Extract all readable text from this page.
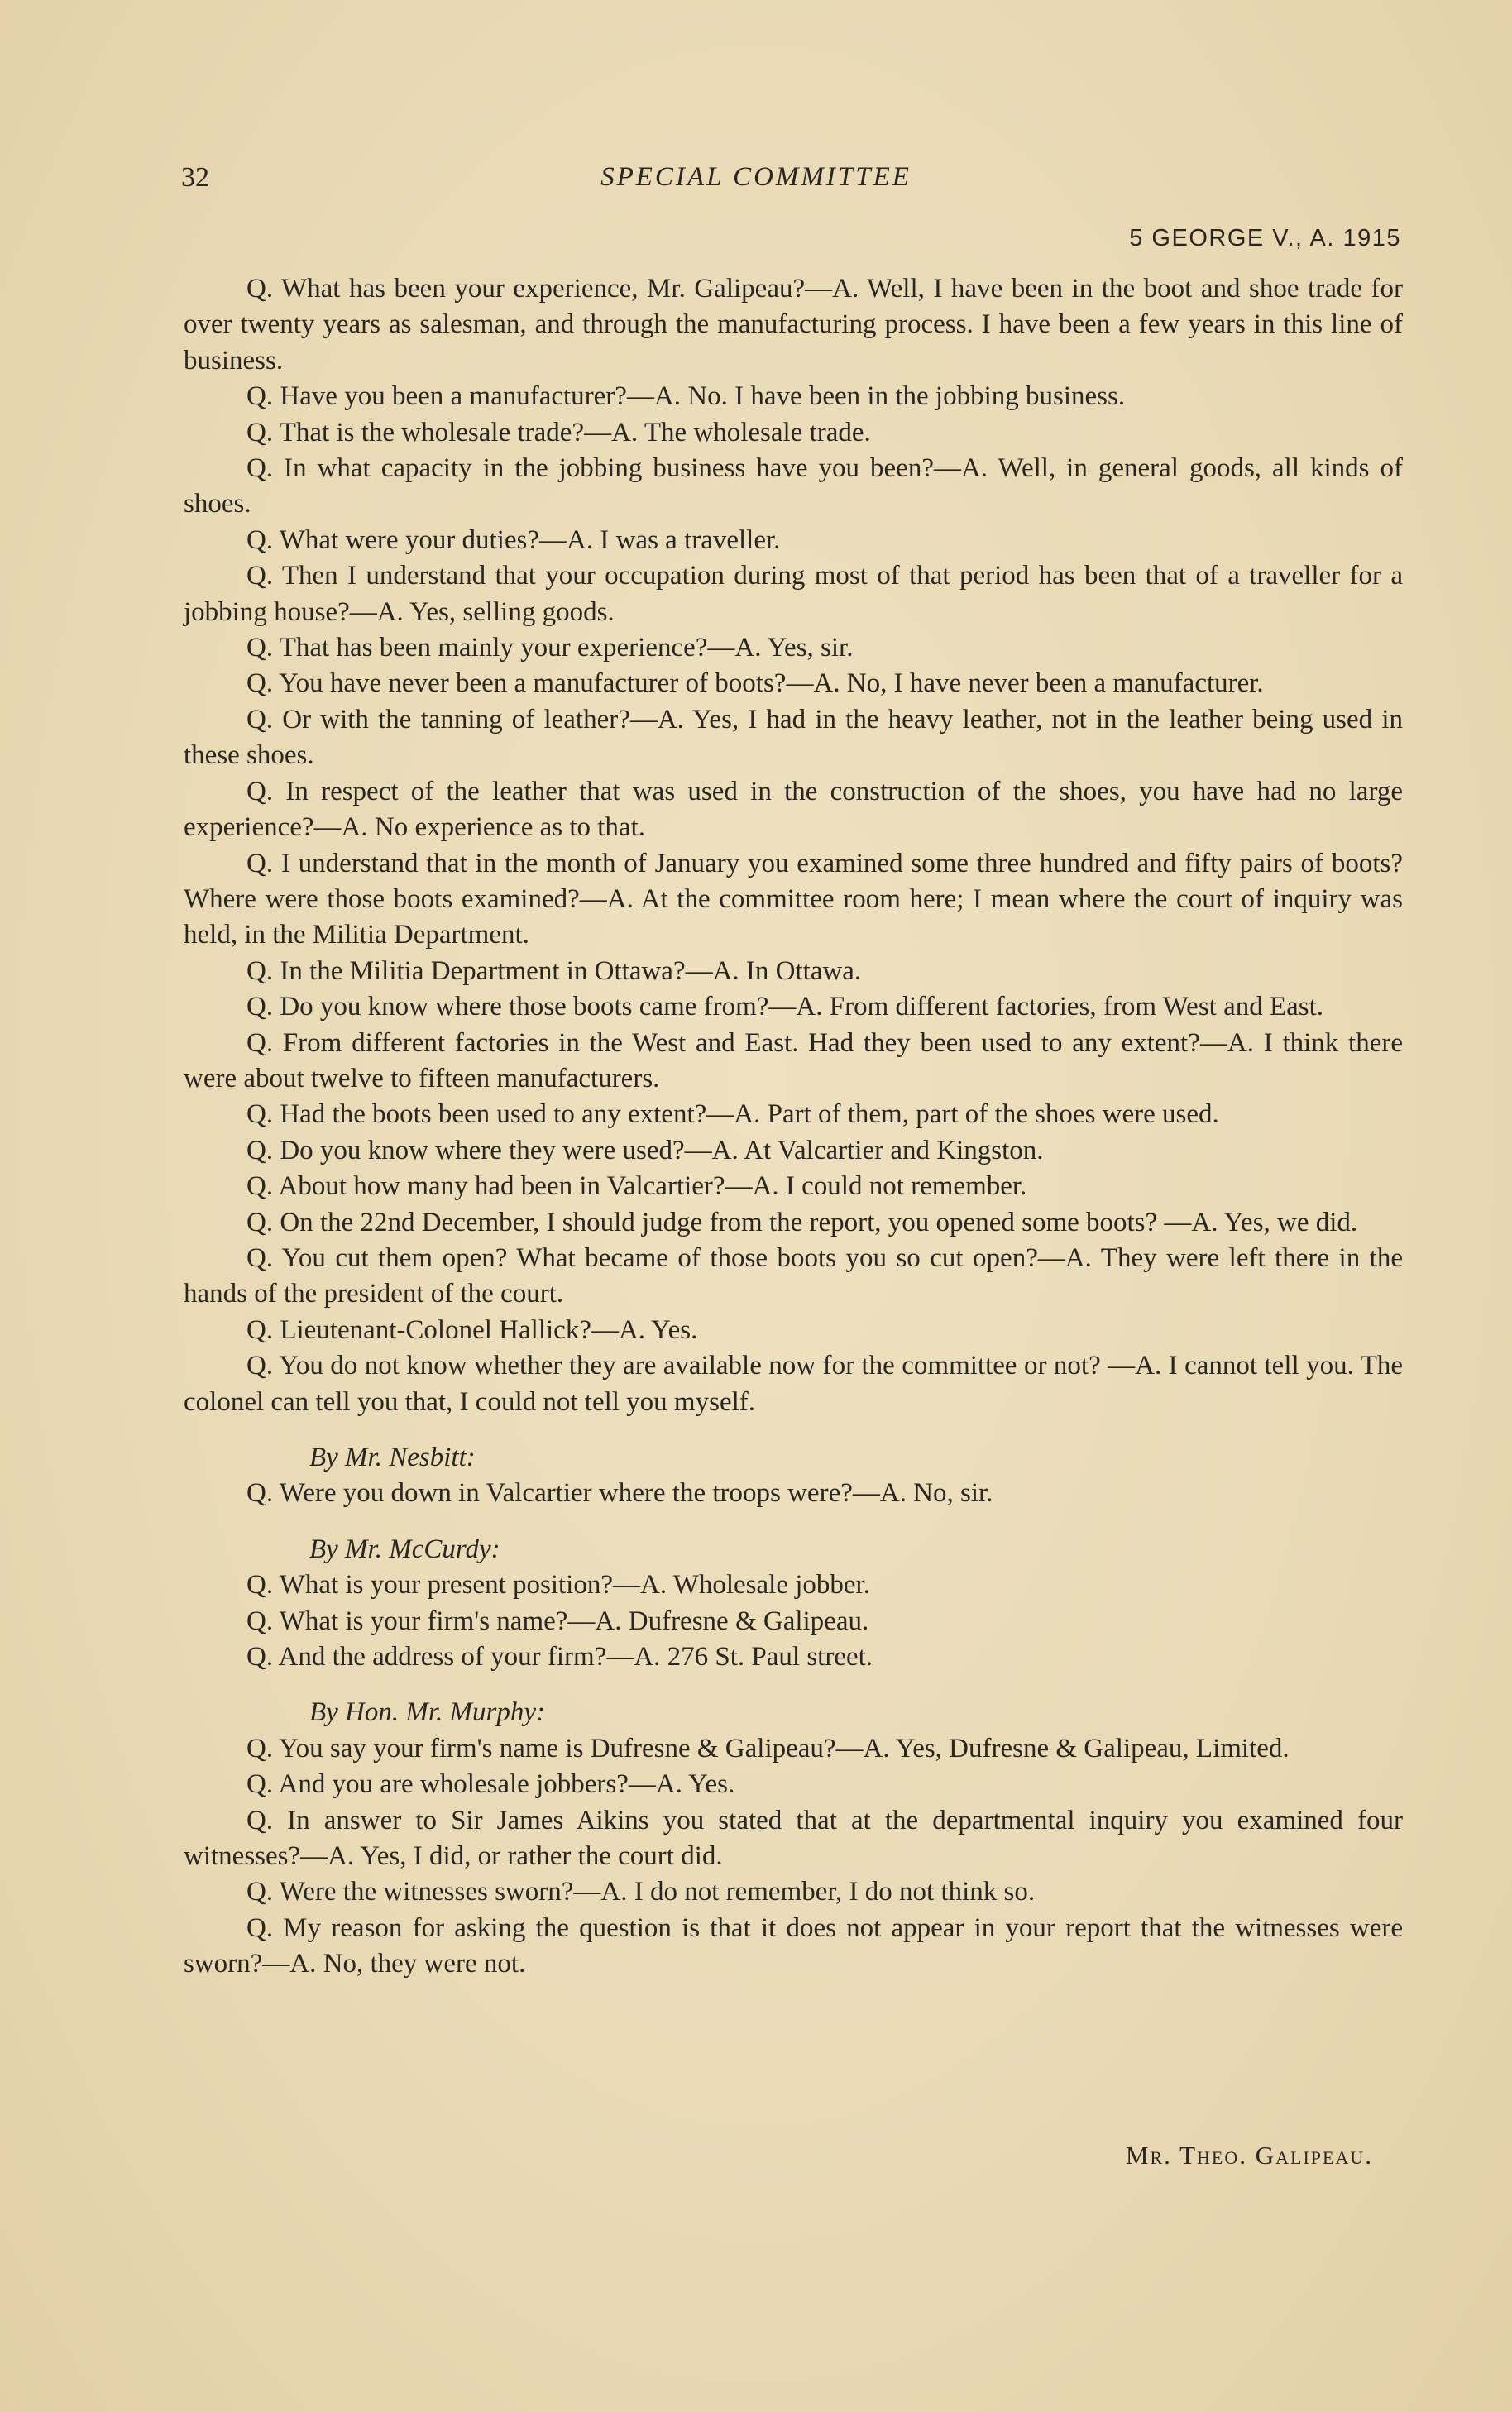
32	SPECIAL COMMITTEE
5 GEORGE V., A. 1915

Q. What has been your experience, Mr. Galipeau?—A. Well, I have been in the boot and shoe trade for over twenty years as salesman, and through the manufacturing process. I have been a few years in this line of business.

Q. Have you been a manufacturer?—A. No. I have been in the jobbing business.

Q. That is the wholesale trade?—A. The wholesale trade.

Q. In what capacity in the jobbing business have you been?—A. Well, in general goods, all kinds of shoes.

Q. What were your duties?—A. I was a traveller.

Q. Then I understand that your occupation during most of that period has been that of a traveller for a jobbing house?—A. Yes, selling goods.

Q. That has been mainly your experience?—A. Yes, sir.

Q. You have never been a manufacturer of boots?—A. No, I have never been a manufacturer.

Q. Or with the tanning of leather?—A. Yes, I had in the heavy leather, not in the leather being used in these shoes.

Q. In respect of the leather that was used in the construction of the shoes, you have had no large experience?—A. No experience as to that.

Q. I understand that in the month of January you examined some three hundred and fifty pairs of boots? Where were those boots examined?—A. At the committee room here; I mean where the court of inquiry was held, in the Militia Department.

Q. In the Militia Department in Ottawa?—A. In Ottawa.

Q. Do you know where those boots came from?—A. From different factories, from West and East.

Q. From different factories in the West and East. Had they been used to any extent?—A. I think there were about twelve to fifteen manufacturers.

Q. Had the boots been used to any extent?—A. Part of them, part of the shoes were used.

Q. Do you know where they were used?—A. At Valcartier and Kingston.

Q. About how many had been in Valcartier?—A. I could not remember.

Q. On the 22nd December, I should judge from the report, you opened some boots? —A. Yes, we did.

Q. You cut them open? What became of those boots you so cut open?—A. They were left there in the hands of the president of the court.

Q. Lieutenant-Colonel Hallick?—A. Yes.

Q. You do not know whether they are available now for the committee or not? —A. I cannot tell you. The colonel can tell you that, I could not tell you myself.

By Mr. Nesbitt:

Q. Were you down in Valcartier where the troops were?—A. No, sir.

By Mr. McCurdy:

Q. What is your present position?—A. Wholesale jobber.

Q. What is your firm's name?—A. Dufresne & Galipeau.

Q. And the address of your firm?—A. 276 St. Paul street.

By Hon. Mr. Murphy:

Q. You say your firm's name is Dufresne & Galipeau?—A. Yes, Dufresne & Galipeau, Limited.

Q. And you are wholesale jobbers?—A. Yes.

Q. In answer to Sir James Aikins you stated that at the departmental inquiry you examined four witnesses?—A. Yes, I did, or rather the court did.

Q. Were the witnesses sworn?—A. I do not remember, I do not think so.

Q. My reason for asking the question is that it does not appear in your report that the witnesses were sworn?—A. No, they were not.

Mr. Theo. Galipeau.
